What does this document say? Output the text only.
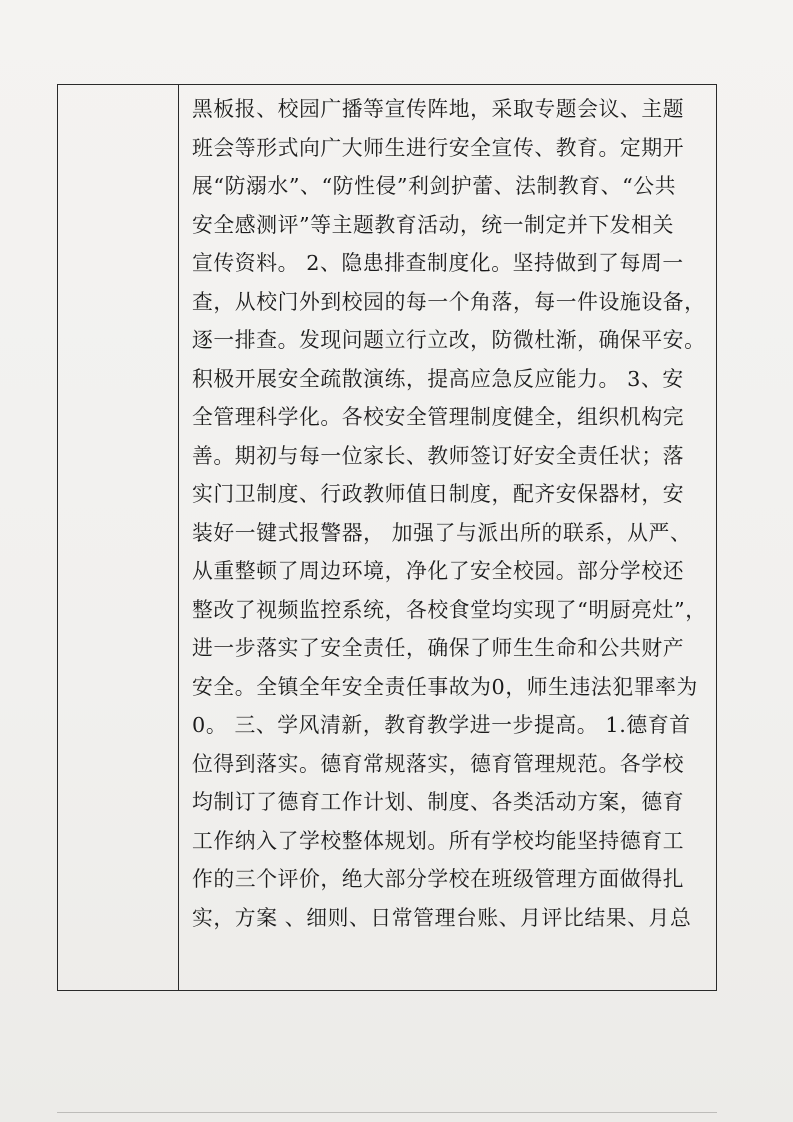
黑板报、校园广播等宣传阵地，采取专题会议、主题
班会等形式向广大师生进行安全宣传、教育。定期开
展“防溺水”、“防性侵”利剑护蕾、法制教育、“公共
安全感测评”等主题教育活动，统一制定并下发相关
宣传资料。 2、隐患排查制度化。坚持做到了每周一
查，从校门外到校园的每一个角落，每一件设施设备，
逐一排查。发现问题立行立改，防微杜渐，确保平安。
积极开展安全疏散演练，提高应急反应能力。 3、安
全管理科学化。各校安全管理制度健全，组织机构完
善。期初与每一位家长、教师签订好安全责任状；落
实门卫制度、行政教师值日制度，配齐安保器材，安
装好一键式报警器， 加强了与派出所的联系，从严、
从重整顿了周边环境，净化了安全校园。部分学校还
整改了视频监控系统，各校食堂均实现了“明厨亮灶”，
进一步落实了安全责任，确保了师生生命和公共财产
安全。全镇全年安全责任事故为0，师生违法犯罪率为
0。 三、学风清新，教育教学进一步提高。 1.德育首
位得到落实。德育常规落实，德育管理规范。各学校
均制订了德育工作计划、制度、各类活动方案，德育
工作纳入了学校整体规划。所有学校均能坚持德育工
作的三个评价，绝大部分学校在班级管理方面做得扎
实，方案 、细则、日常管理台账、月评比结果、月总
